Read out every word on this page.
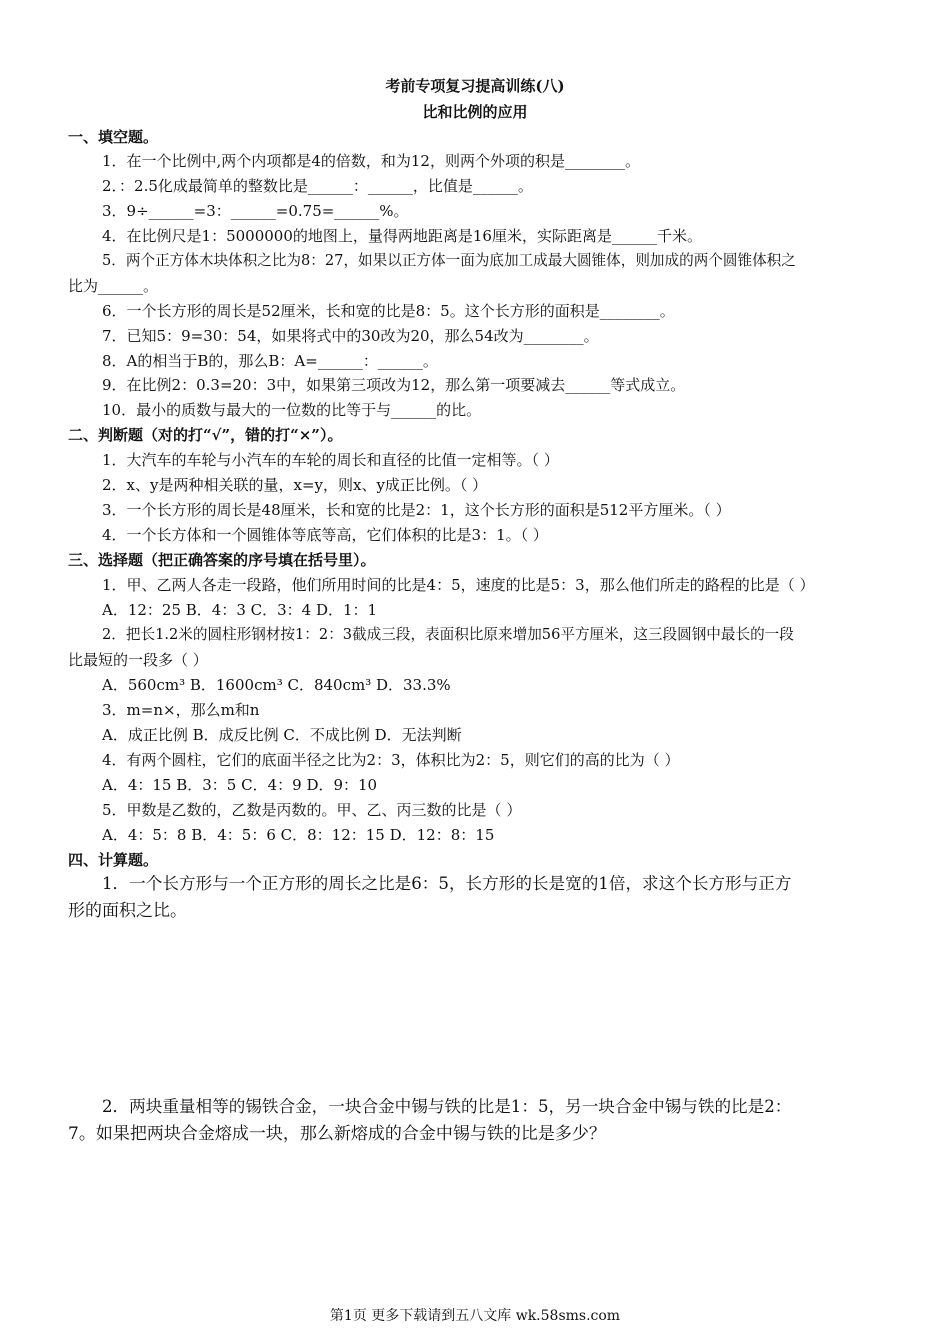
考前专项复习提高训练(八)
比和比例的应用
一、填空题。
1．在一个比例中,两个内项都是4的倍数，和为12，则两个外项的积是________。
2．：2.5化成最简单的整数比是______：______，比值是______。
3．9÷______=3：______=0.75=______%。
4．在比例尺是1：5000000的地图上，量得两地距离是16厘米，实际距离是______千米。
5．两个正方体木块体积之比为8：27，如果以正方体一面为底加工成最大圆锥体，则加成的两个圆锥体积之
比为______。
6．一个长方形的周长是52厘米，长和宽的比是8：5。这个长方形的面积是________。
7．已知5：9=30：54，如果将式中的30改为20，那么54改为________。
8．A的相当于B的，那么B：A=______：______。
9．在比例2：0.3=20：3中，如果第三项改为12，那么第一项要减去______等式成立。
10．最小的质数与最大的一位数的比等于与______的比。
二、判断题（对的打“√”，错的打“×”）。
1．大汽车的车轮与小汽车的车轮的周长和直径的比值一定相等。（ ）
2．x、y是两种相关联的量，x=y，则x、y成正比例。（ ）
3．一个长方形的周长是48厘米，长和宽的比是2：1，这个长方形的面积是512平方厘米。（ ）
4．一个长方体和一个圆锥体等底等高，它们体积的比是3：1。（ ）
三、选择题（把正确答案的序号填在括号里）。
1．甲、乙两人各走一段路，他们所用时间的比是4：5，速度的比是5：3，那么他们所走的路程的比是（ ）
A．12：25 B．4：3 C．3：4 D．1：1
2．把长1.2米的圆柱形钢材按1：2：3截成三段，表面积比原来增加56平方厘米，这三段圆钢中最长的一段
比最短的一段多（ ）
A．560cm³ B．1600cm³ C．840cm³ D．33.3%
3．m=n×，那么m和n
A．成正比例 B．成反比例 C．不成比例 D．无法判断
4．有两个圆柱，它们的底面半径之比为2：3，体积比为2：5，则它们的高的比为（ ）
A．4：15 B．3：5 C．4：9 D．9：10
5．甲数是乙数的，乙数是丙数的。甲、乙、丙三数的比是（ ）
A．4：5：8 B．4：5：6 C．8：12：15 D．12：8：15
四、计算题。
1．一个长方形与一个正方形的周长之比是6：5，长方形的长是宽的1倍，求这个长方形与正方
形的面积之比。
2．两块重量相等的锡铁合金，一块合金中锡与铁的比是1：5，另一块合金中锡与铁的比是2：
7。如果把两块合金熔成一块，那么新熔成的合金中锡与铁的比是多少？
第1页 更多下载请到五八文库 wk.58sms.com
